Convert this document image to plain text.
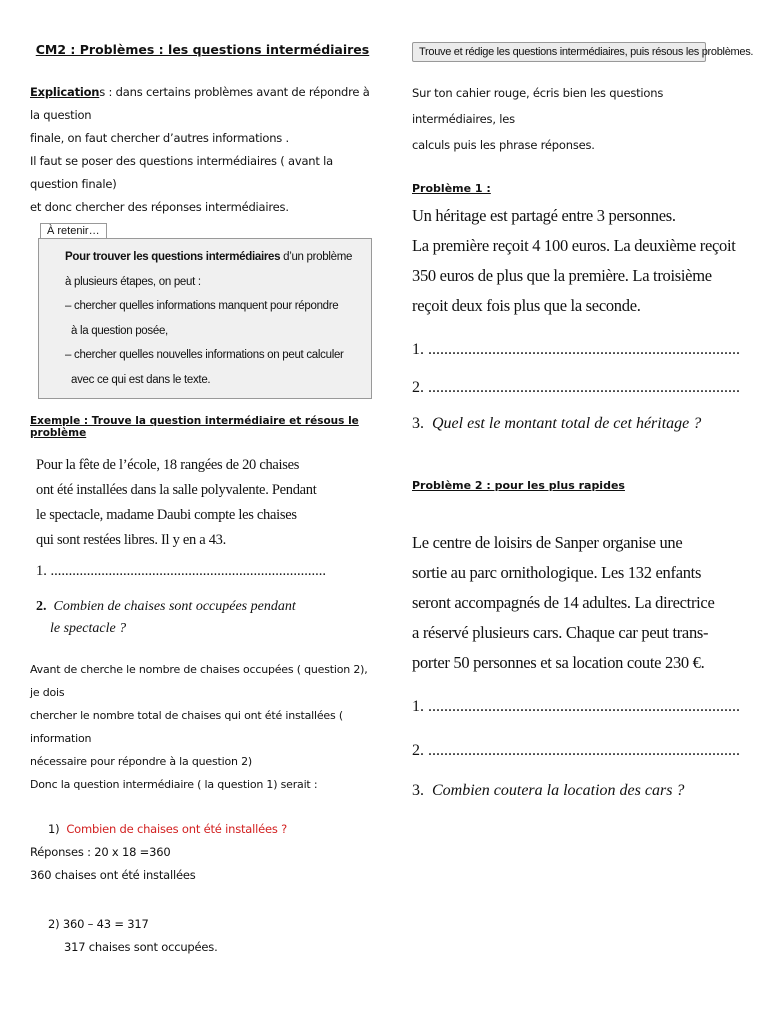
CM2 : Problèmes : les questions intermédiaires
Explications : dans certains problèmes avant de répondre à la question
finale, on faut chercher d’autres informations .
Il faut se poser des questions intermédiaires ( avant la question finale)
et donc chercher des réponses intermédiaires.
À retenir…
Pour trouver les questions intermédiaires d’un problème
à plusieurs étapes, on peut :
– chercher quelles informations manquent pour répondre
à la question posée,
– chercher quelles nouvelles informations on peut calculer
avec ce qui est dans le texte.
Exemple : Trouve la question intermédiaire et résous le problème
Pour la fête de l’école, 18 rangées de 20 chaises
ont été installées dans la salle polyvalente. Pendant
le spectacle, madame Daubi compte les chaises
qui sont restées libres. Il y en a 43.
1. ............................................................................
2. Combien de chaises sont occupées pendant
le spectacle ?
Avant de cherche le nombre de chaises occupées ( question 2), je dois
chercher le nombre total de chaises qui ont été installées ( information
nécessaire pour répondre à la question 2)
Donc la question intermédiaire ( la question 1) serait :
1) Combien de chaises ont été installées ?
Réponses : 20 x 18 =360
360 chaises ont été installées
2) 360 – 43 = 317
317 chaises sont occupées.
Trouve et rédige les questions intermédiaires, puis résous les problèmes.
Sur ton cahier rouge, écris bien les questions intermédiaires, les
calculs puis les phrase réponses.
Problème 1 :
Un héritage est partagé entre 3 personnes.
La première reçoit 4 100 euros. La deuxième reçoit
350 euros de plus que la première. La troisième
reçoit deux fois plus que la seconde.
1. ..............................................................................
2. ..............................................................................
3. Quel est le montant total de cet héritage ?
Problème 2 : pour les plus rapides
Le centre de loisirs de Sanper organise une
sortie au parc ornithologique. Les 132 enfants
seront accompagnés de 14 adultes. La directrice
a réservé plusieurs cars. Chaque car peut trans-
porter 50 personnes et sa location coute 230 €.
1. ..............................................................................
2. ..............................................................................
3. Combien coutera la location des cars ?
